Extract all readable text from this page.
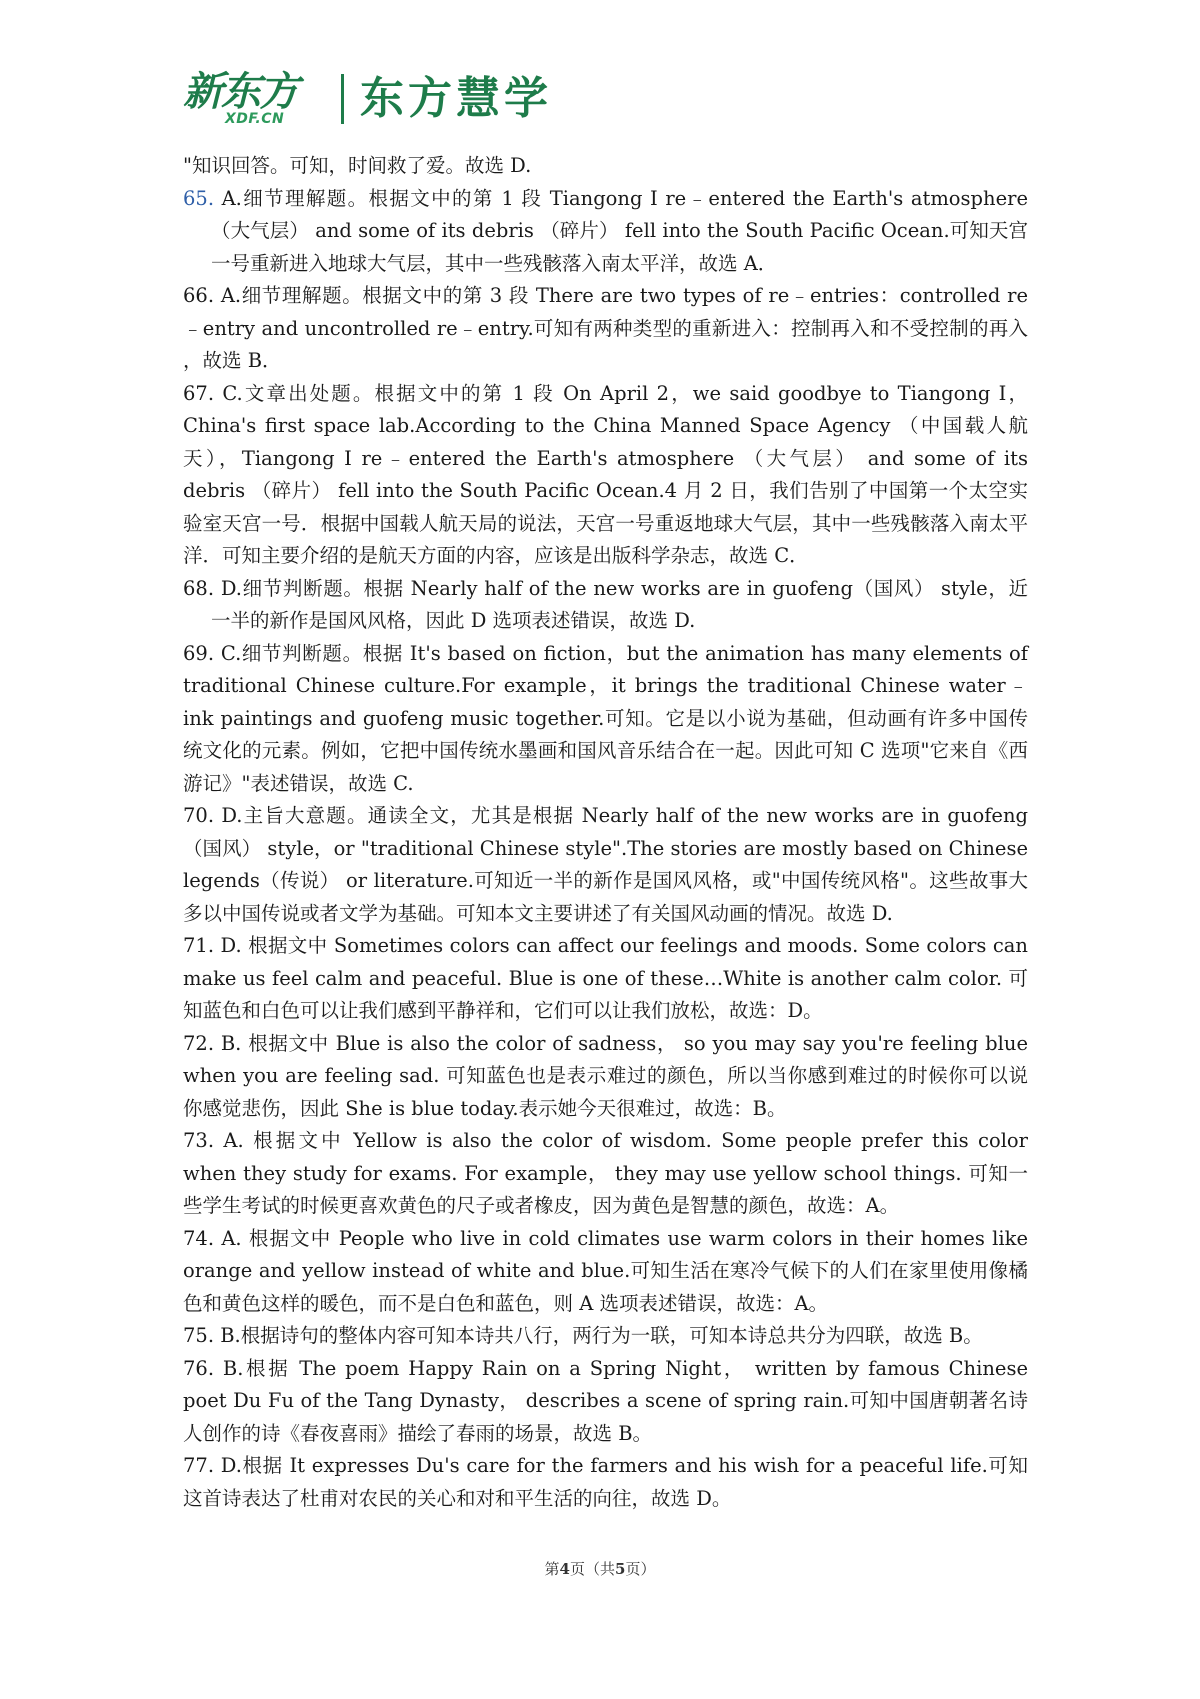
新东方
XDF.CN 东方慧学

"知识回答。可知，时间救了爱。故选 D.

65. A.细节理解题。根据文中的第 1 段 Tiangong I re﹣entered the Earth's atmosphere（大气层） and some of its debris （碎片） fell into the South Pacific Ocean.可知天宫一号重新进入地球大气层，其中一些残骸落入南太平洋，故选 A．

66. A.细节理解题。根据文中的第 3 段 There are two types of re﹣entries：controlled re﹣entry and uncontrolled re﹣entry.可知有两种类型的重新进入：控制再入和不受控制的再入 ，故选 B．

67. C.文章出处题。根据文中的第 1 段 On April 2，we said goodbye to Tiangong I，China's first space lab.According to the China Manned Space Agency （中国载人航 天），Tiangong I re﹣entered the Earth's atmosphere （大气层） and some of its debris （碎片） fell into the South Pacific Ocean.4 月 2 日，我们告别了中国第一个太空实验室天宫一号．根据中国载人航天局的说法，天宫一号重返地球大气层，其中一些残骸落入南太平洋．可知主要介绍的是航天方面的内容，应该是出版科学杂志，故选 C．

68. D.细节判断题。根据 Nearly half of the new works are in guofeng（国风） style，近一半的新作是国风风格，因此 D 选项表述错误，故选 D.

69. C.细节判断题。根据 It's based on fiction，but the animation has many elements of traditional Chinese culture.For example，it brings the traditional Chinese water﹣ink paintings and guofeng music together.可知。它是以小说为基础，但动画有许多中国传统文化的元素。例如，它把中国传统水墨画和国风音乐结合在一起。因此可知 C 选项"它来自《西游记》"表述错误，故选 C.

70. D.主旨大意题。通读全文，尤其是根据 Nearly half of the new works are in guofeng（国风） style，or "traditional Chinese style".The stories are mostly based on Chinese legends（传说） or literature.可知近一半的新作是国风风格，或"中国传统风格"。这些故事大多以中国传说或者文学为基础。可知本文主要讲述了有关国风动画的情况。故选 D.

71. D. 根据文中 Sometimes colors can affect our feelings and moods. Some colors can make us feel calm and peaceful. Blue is one of these…White is another calm color. 可知蓝色和白色可以让我们感到平静祥和，它们可以让我们放松，故选：D。

72. B. 根据文中 Blue is also the color of sadness， so you may say you're feeling blue when you are feeling sad. 可知蓝色也是表示难过的颜色，所以当你感到难过的时候你可以说你感觉悲伤，因此 She is blue today.表示她今天很难过，故选：B。

73. A. 根据文中 Yellow is also the color of wisdom. Some people prefer this color when they study for exams. For example， they may use yellow school things. 可知一些学生考试的时候更喜欢黄色的尺子或者橡皮，因为黄色是智慧的颜色，故选：A。

74. A. 根据文中 People who live in cold climates use warm colors in their homes like orange and yellow instead of white and blue.可知生活在寒冷气候下的人们在家里使用像橘色和黄色这样的暖色，而不是白色和蓝色，则 A 选项表述错误，故选：A。

75. B.根据诗句的整体内容可知本诗共八行，两行为一联，可知本诗总共分为四联，故选 B。

76. B.根据 The poem Happy Rain on a Spring Night， written by famous Chinese poet Du Fu of the Tang Dynasty， describes a scene of spring rain.可知中国唐朝著名诗人创作的诗《春夜喜雨》描绘了春雨的场景，故选 B。

77. D.根据 It expresses Du's care for the farmers and his wish for a peaceful life.可知这首诗表达了杜甫对农民的关心和对和平生活的向往，故选 D。

第4页（共5页）
